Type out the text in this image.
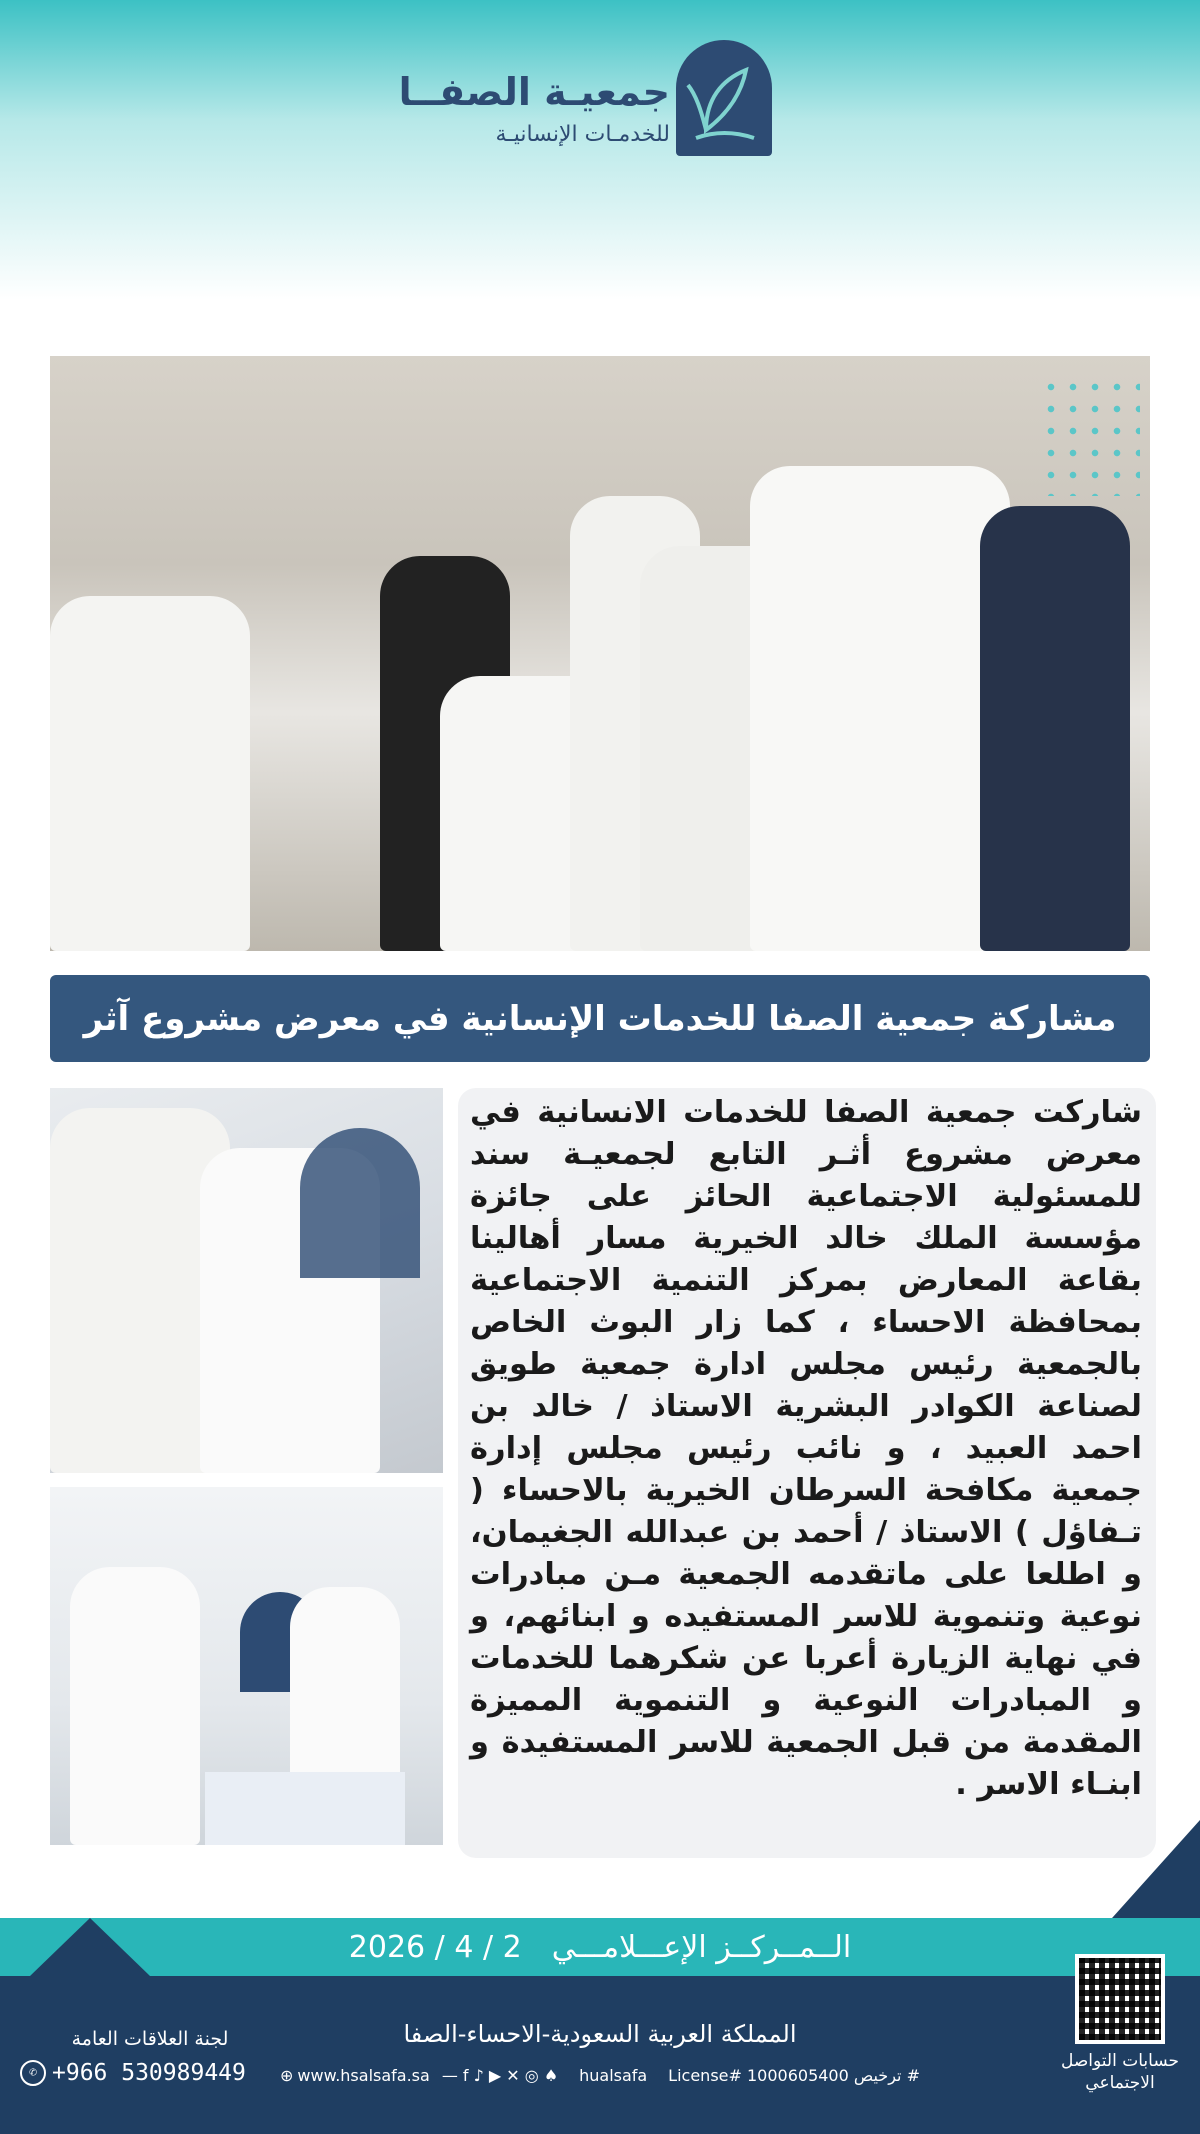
جمعيـة الصفــا
للخدمـات الإنسانيـة
مشاركة جمعية الصفا للخدمات الإنسانية في معرض مشروع آثر
شاركت جمعية الصفا للخدمات الانسانية في معرض مشروع أثـر التابع لجمعيـة سند للمسئولية الاجتماعية الحائز على جائزة مؤسسة الملك خالد الخيرية مسار أهالينا بقاعة المعارض بمركز التنمية الاجتماعية بمحافظة الاحساء ، كما زار البوث الخاص بالجمعية رئيس مجلس ادارة جمعية طويق لصناعة الكوادر البشرية الاستاذ / خالد بن احمد العبيد ، و نائب رئيس مجلس إدارة جمعية مكافحة السرطان الخيرية بالاحساء ( تـفاؤل ) الاستاذ / أحمد بن عبدالله الجغيمان، و اطلعا على ماتقدمه الجمعية مـن مبادرات نوعية وتنموية للاسر المستفيده و ابنائهم، و في نهاية الزيارة أعربا عن شكرهما للخدمات و المبادرات النوعية و التنموية المميزة المقدمة من قبل الجمعية للاسر المستفيدة و ابنـاء الاسر .
الــمــركــز الإعـــلامـــي
2026 / 4 / 2
المملكة العربية السعودية-الاحساء-الصفا
⊕ www.hsalsafa.sa — f ♪ ▶ ✕ ◎ ♠ hualsafa License# 1000605400 ترخيص #
لجنة العلاقات العامة
✆ +966 530989449	حسابات التواصل الاجتماعي
